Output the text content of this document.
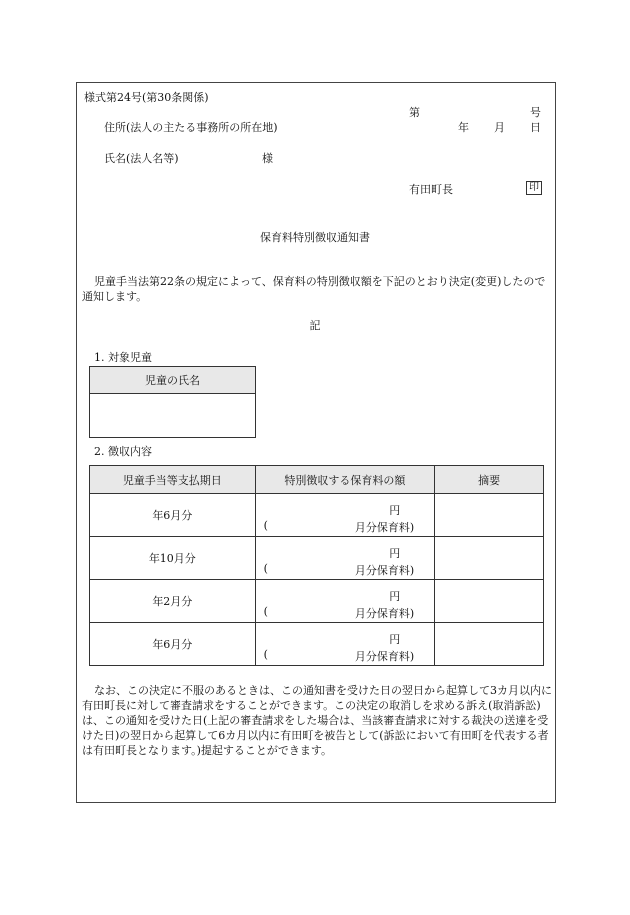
様式第24号(第30条関係)
第	号
住所(法人の主たる事務所の所在地)	年 月 日
氏名(法人名等)	様
有田町長	印
保育料特別徴収通知書
児童手当法第22条の規定によって、保育料の特別徴収額を下記のとおり決定(変更)したので通知します。
記
1. 対象児童
児童の氏名

2. 徴収内容
児童手当等支払期日	特別徴収する保育料の額	摘要
年6月分	円
( 月分保育料)	

年10月分	円
( 月分保育料)	

年2月分	円
( 月分保育料)	

年6月分	円
( 月分保育料)	

なお、この決定に不服のあるときは、この通知書を受けた日の翌日から起算して3カ月以内に有田町長に対して審査請求をすることができます。この決定の取消しを求める訴え(取消訴訟)は、この通知を受けた日(上記の審査請求をした場合は、当該審査請求に対する裁決の送達を受けた日)の翌日から起算して6カ月以内に有田町を被告として(訴訟において有田町を代表する者は有田町長となります。)提起することができます。
